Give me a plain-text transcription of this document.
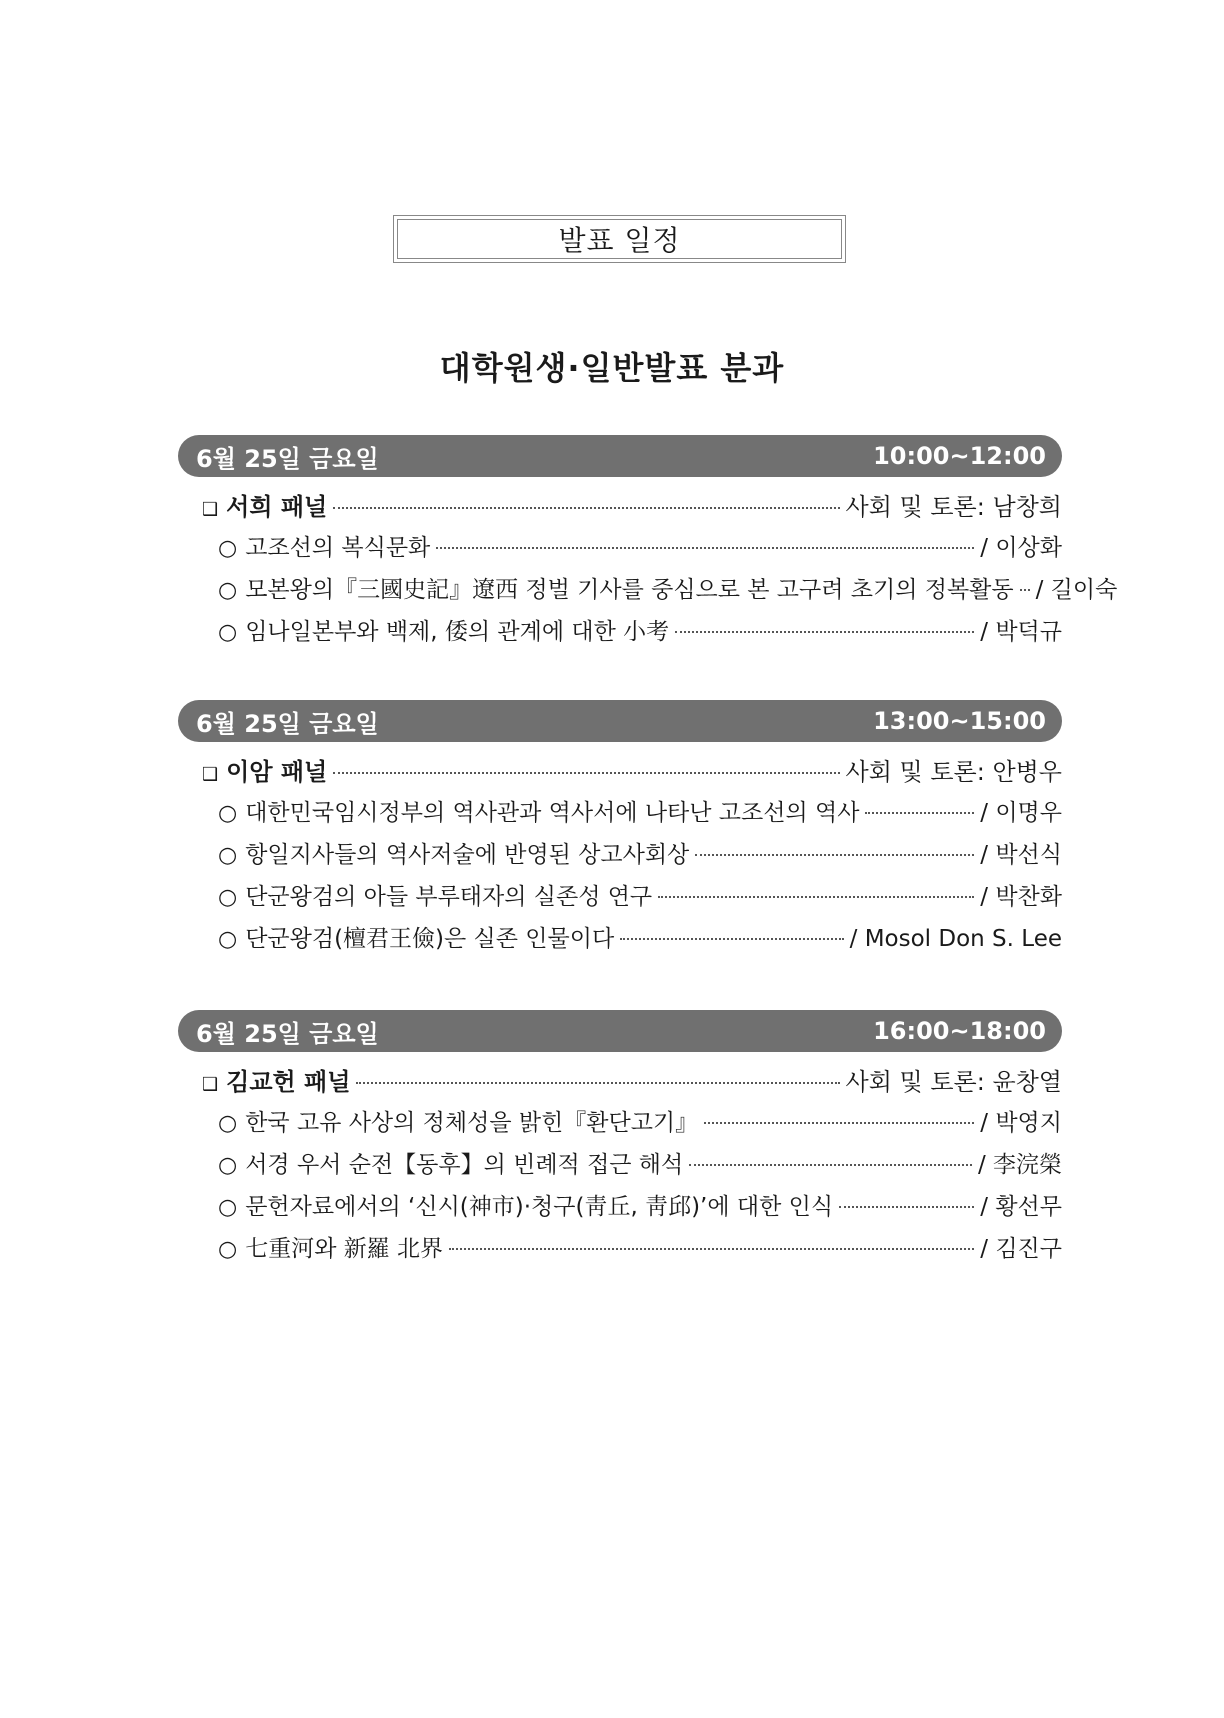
발표 일정
대학원생·일반발표 분과
6월 25일 금요일	10:00~12:00
❑ 서희 패널	사회 및 토론: 남창희
○ 고조선의 복식문화	/ 이상화
○ 모본왕의『三國史記』遼西 정벌 기사를 중심으로 본 고구려 초기의 정복활동 / 길이숙
○ 임나일본부와 백제, 倭의 관계에 대한 小考	/ 박덕규
6월 25일 금요일	13:00~15:00
❑ 이암 패널	사회 및 토론: 안병우
○ 대한민국임시정부의 역사관과 역사서에 나타난 고조선의 역사	/ 이명우
○ 항일지사들의 역사저술에 반영된 상고사회상	/ 박선식
○ 단군왕검의 아들 부루태자의 실존성 연구	/ 박찬화
○ 단군왕검(檀君王儉)은 실존 인물이다	/ Mosol Don S. Lee
6월 25일 금요일	16:00~18:00
❑ 김교헌 패널	사회 및 토론: 윤창열
○ 한국 고유 사상의 정체성을 밝힌『환단고기』	/ 박영지
○ 서경 우서 순전【동후】의 빈례적 접근 해석	/ 李浣榮
○ 문헌자료에서의 ‘신시(神市)·청구(靑丘, 靑邱)’에 대한 인식	/ 황선무
○ 七重河와 新羅 北界	/ 김진구
